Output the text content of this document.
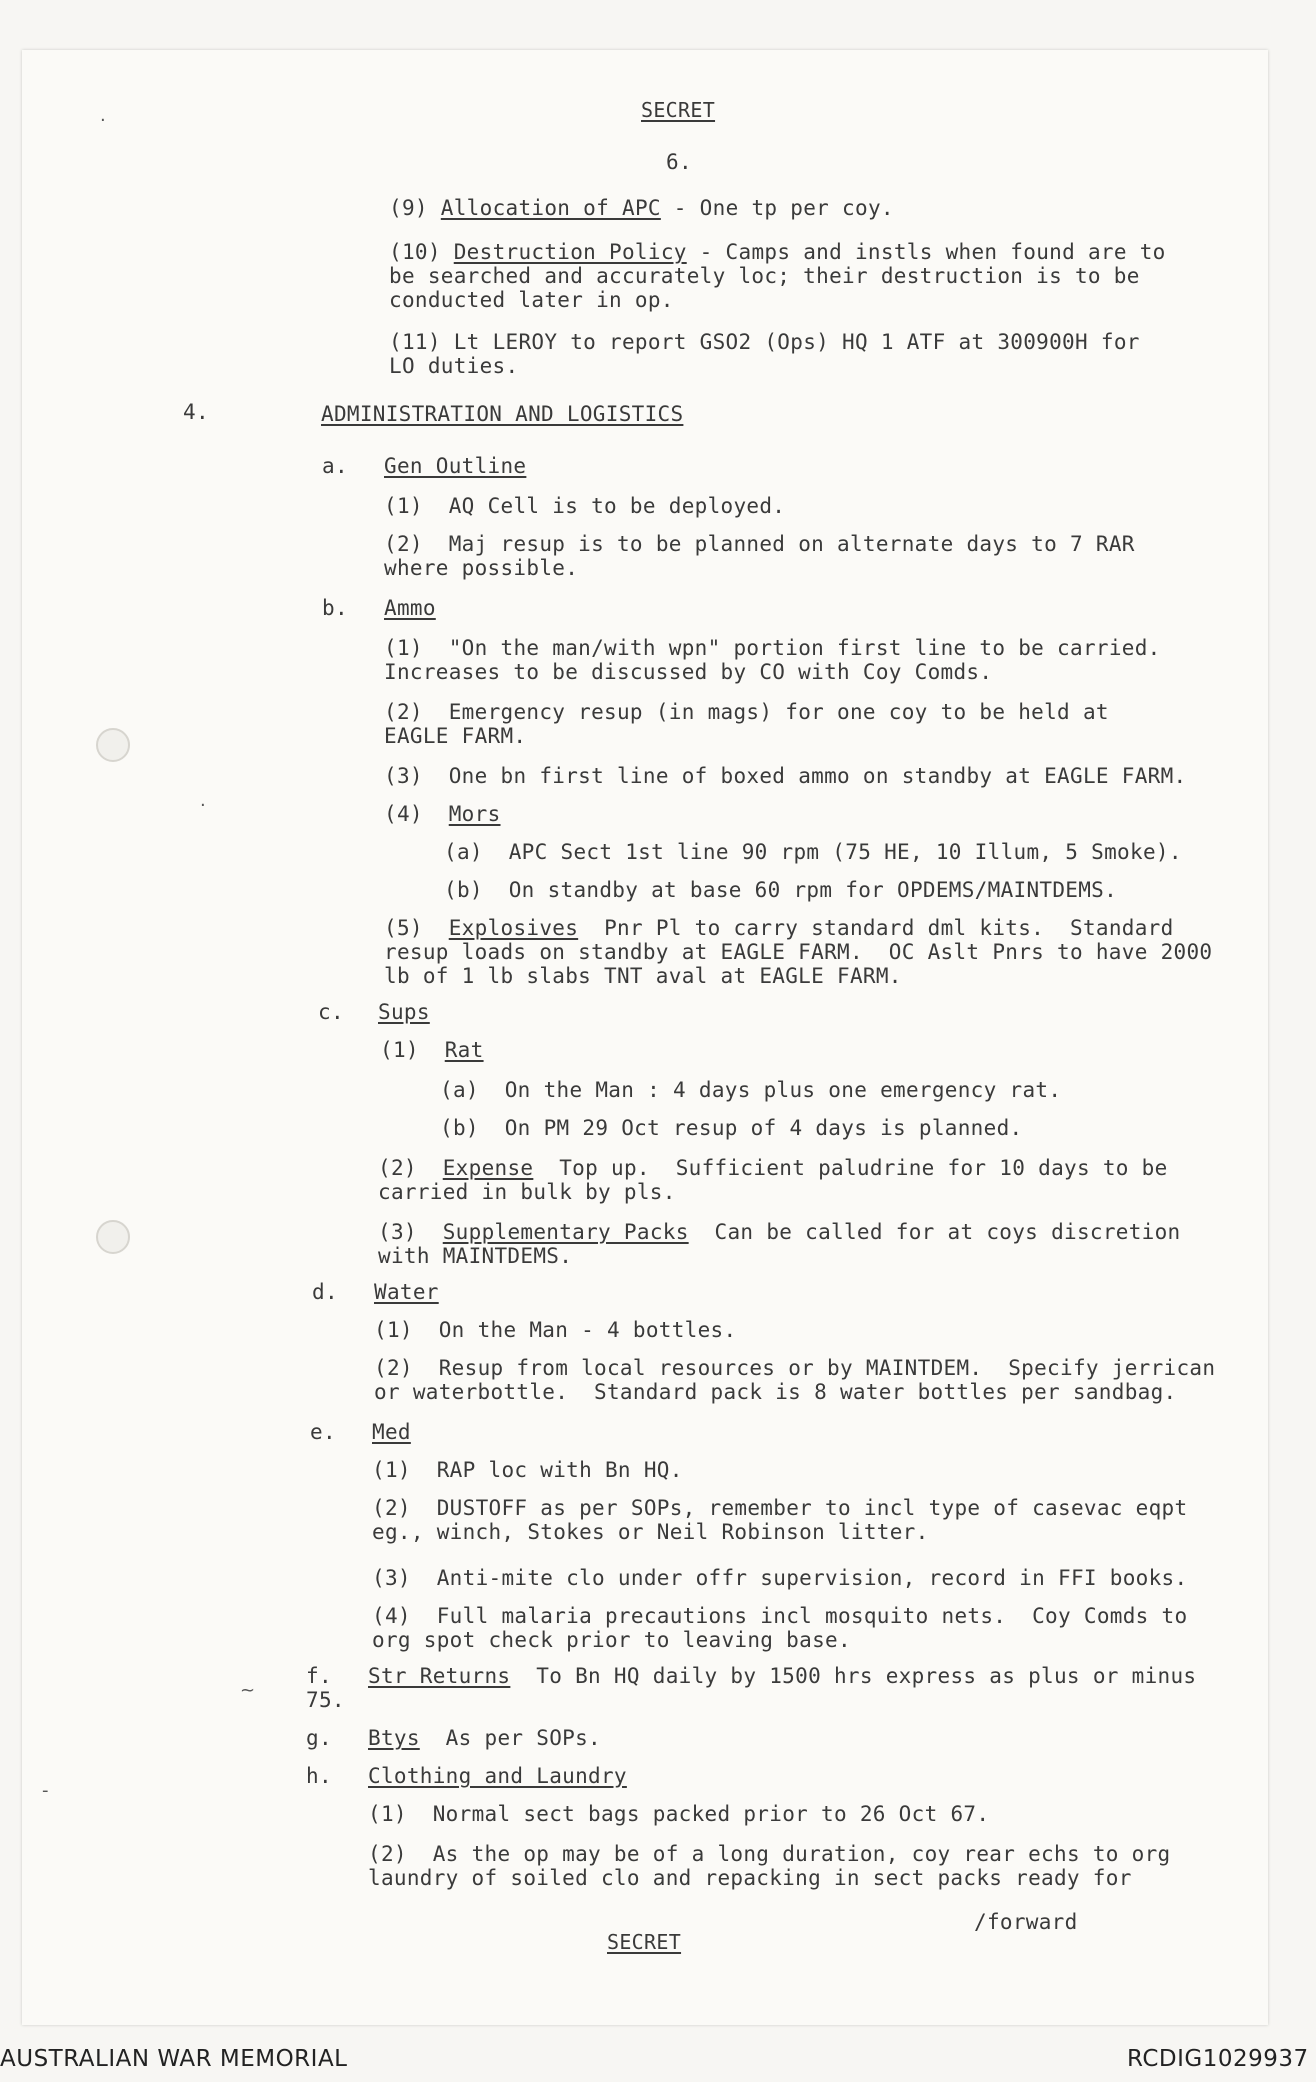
SECRET
6.
(9) Allocation of APC - One tp per coy.
(10) Destruction Policy - Camps and instls when found are to
be searched and accurately loc; their destruction is to be
conducted later in op.
(11) Lt LEROY to report GSO2 (Ops) HQ 1 ATF at 300900H for
LO duties.
4.	ADMINISTRATION AND LOGISTICS
a. Gen Outline
(1) AQ Cell is to be deployed.
(2) Maj resup is to be planned on alternate days to 7 RAR
where possible.
b. Ammo
(1) "On the man/with wpn" portion first line to be carried.
Increases to be discussed by CO with Coy Comds.
(2) Emergency resup (in mags) for one coy to be held at
EAGLE FARM.
(3) One bn first line of boxed ammo on standby at EAGLE FARM.
(4) Mors
(a) APC Sect 1st line 90 rpm (75 HE, 10 Illum, 5 Smoke).
(b) On standby at base 60 rpm for OPDEMS/MAINTDEMS.
(5) Explosives Pnr Pl to carry standard dml kits.  Standard
resup loads on standby at EAGLE FARM.  OC Aslt Pnrs to have 2000
lb of 1 lb slabs TNT aval at EAGLE FARM.
c. Sups
(1) Rat
(a) On the Man : 4 days plus one emergency rat.
(b) On PM 29 Oct resup of 4 days is planned.
(2) Expense Top up.  Sufficient paludrine for 10 days to be
carried in bulk by pls.
(3) Supplementary Packs Can be called for at coys discretion
with MAINTDEMS.
d. Water
(1) On the Man - 4 bottles.
(2) Resup from local resources or by MAINTDEM.  Specify jerrican
or waterbottle.  Standard pack is 8 water bottles per sandbag.
e. Med
(1) RAP loc with Bn HQ.
(2) DUSTOFF as per SOPs, remember to incl type of casevac eqpt
eg., winch, Stokes or Neil Robinson litter.
(3) Anti-mite clo under offr supervision, record in FFI books.
(4) Full malaria precautions incl mosquito nets.  Coy Comds to
org spot check prior to leaving base.
f. Str Returns To Bn HQ daily by 1500 hrs express as plus or minus
75.
g. Btys As per SOPs.
h. Clothing and Laundry
(1) Normal sect bags packed prior to 26 Oct 67.
(2) As the op may be of a long duration, coy rear echs to org
laundry of soiled clo and repacking in sect packs ready for
/forward
SECRET
·
·
~
-
AUSTRALIAN WAR MEMORIAL	RCDIG1029937
